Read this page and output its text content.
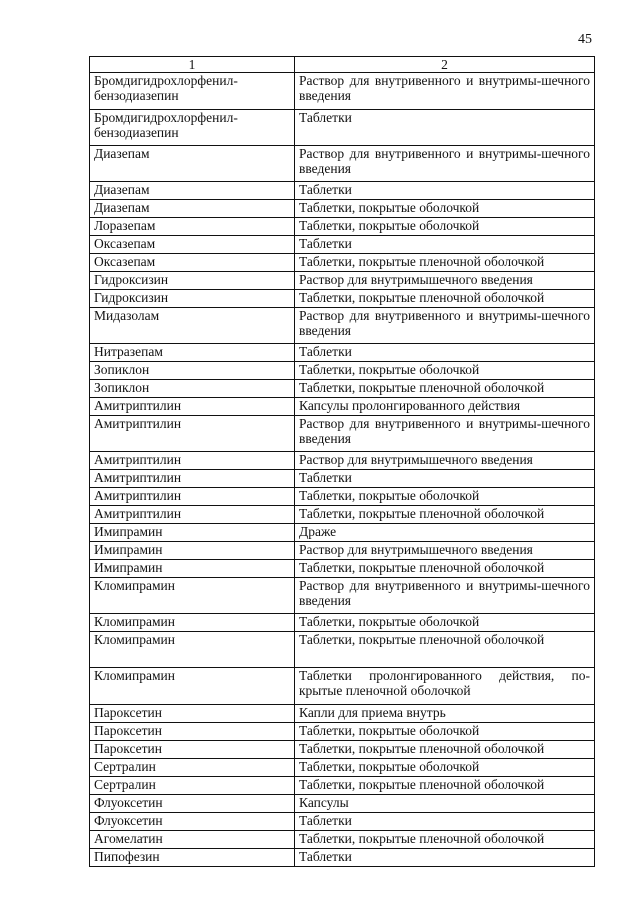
45
1	2
Бромдигидрохлорфенил-бензодиазепин	Раствор для внутривенного и внутримы-шечного введения
Бромдигидрохлорфенил-бензодиазепин	Таблетки
Диазепам	Раствор для внутривенного и внутримы-шечного введения
Диазепам	Таблетки
Диазепам	Таблетки, покрытые оболочкой
Лоразепам	Таблетки, покрытые оболочкой
Оксазепам	Таблетки
Оксазепам	Таблетки, покрытые пленочной оболочкой
Гидроксизин	Раствор для внутримышечного введения
Гидроксизин	Таблетки, покрытые пленочной оболочкой
Мидазолам	Раствор для внутривенного и внутримы-шечного введения
Нитразепам	Таблетки
Зопиклон	Таблетки, покрытые оболочкой
Зопиклон	Таблетки, покрытые пленочной оболочкой
Амитриптилин	Капсулы пролонгированного действия
Амитриптилин	Раствор для внутривенного и внутримы-шечного введения
Амитриптилин	Раствор для внутримышечного введения
Амитриптилин	Таблетки
Амитриптилин	Таблетки, покрытые оболочкой
Амитриптилин	Таблетки, покрытые пленочной оболочкой
Имипрамин	Драже
Имипрамин	Раствор для внутримышечного введения
Имипрамин	Таблетки, покрытые пленочной оболочкой
Кломипрамин	Раствор для внутривенного и внутримы-шечного введения
Кломипрамин	Таблетки, покрытые оболочкой
Кломипрамин	Таблетки, покрытые пленочной оболочкой
Кломипрамин	Таблетки пролонгированного действия, по-крытые пленочной оболочкой
Пароксетин	Капли для приема внутрь
Пароксетин	Таблетки, покрытые оболочкой
Пароксетин	Таблетки, покрытые пленочной оболочкой
Сертралин	Таблетки, покрытые оболочкой
Сертралин	Таблетки, покрытые пленочной оболочкой
Флуоксетин	Капсулы
Флуоксетин	Таблетки
Агомелатин	Таблетки, покрытые пленочной оболочкой
Пипофезин	Таблетки
